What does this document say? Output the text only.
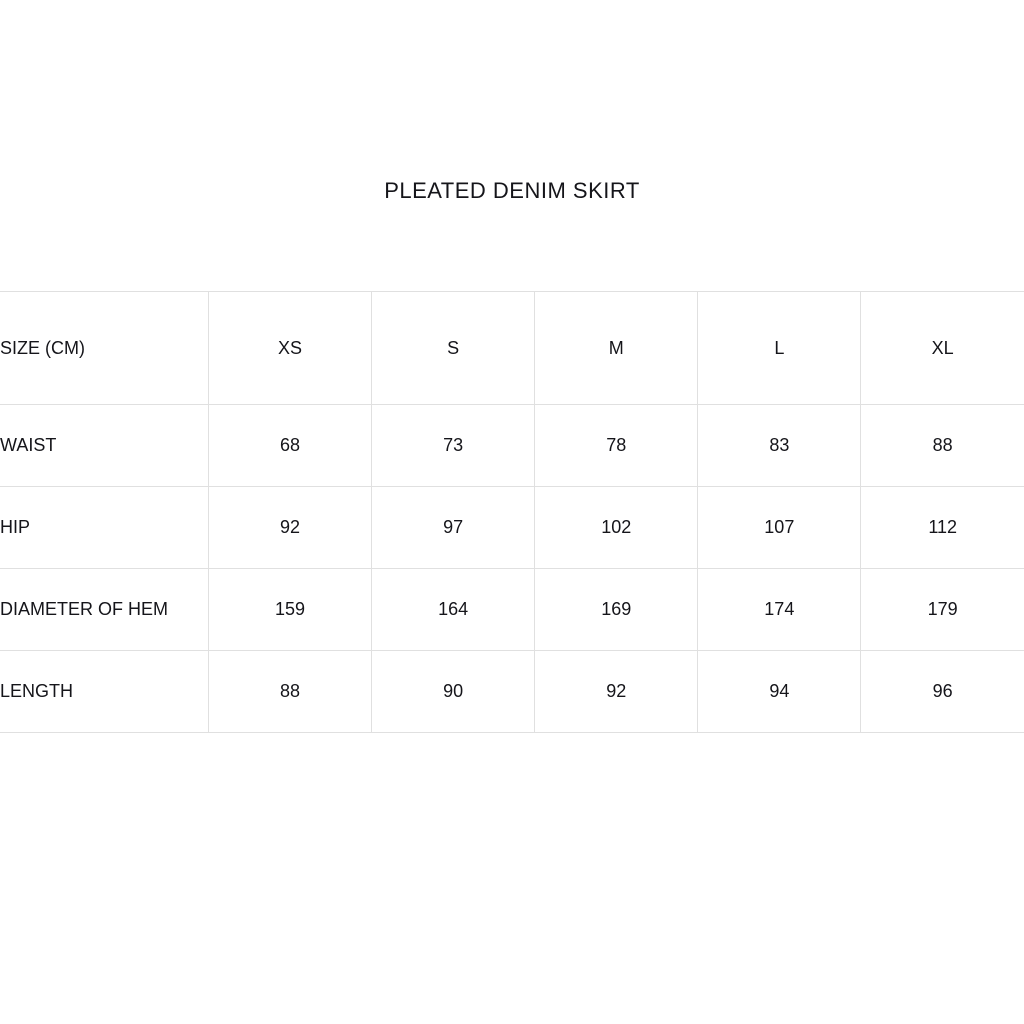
PLEATED DENIM SKIRT
SIZE (CM)	XS	S	M	L	XL
WAIST	68	73	78	83	88
HIP	92	97	102	107	112
DIAMETER OF HEM	159	164	169	174	179
LENGTH	88	90	92	94	96
